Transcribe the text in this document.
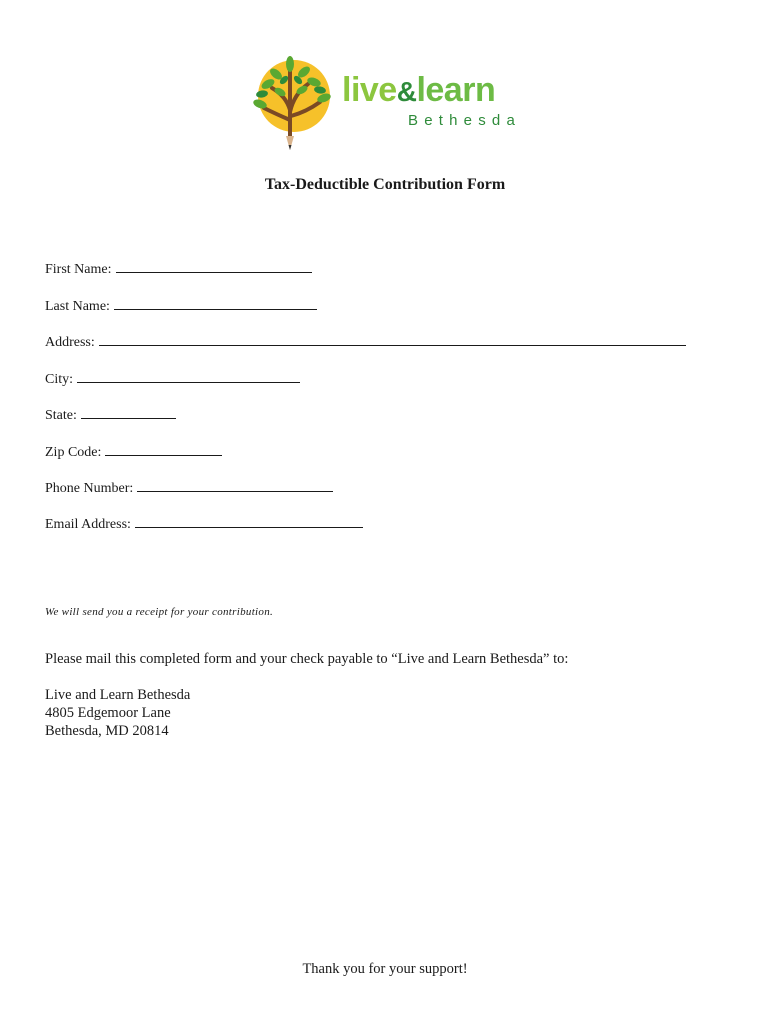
live&learn
Bethesda
Tax-Deductible Contribution Form
First Name:
Last Name:
Address:
City:
State:
Zip Code:
Phone Number:
Email Address:
We will send you a receipt for your contribution.
Please mail this completed form and your check payable to “Live and Learn Bethesda” to:
Live and Learn Bethesda
4805 Edgemoor Lane
Bethesda, MD 20814
Thank you for your support!
